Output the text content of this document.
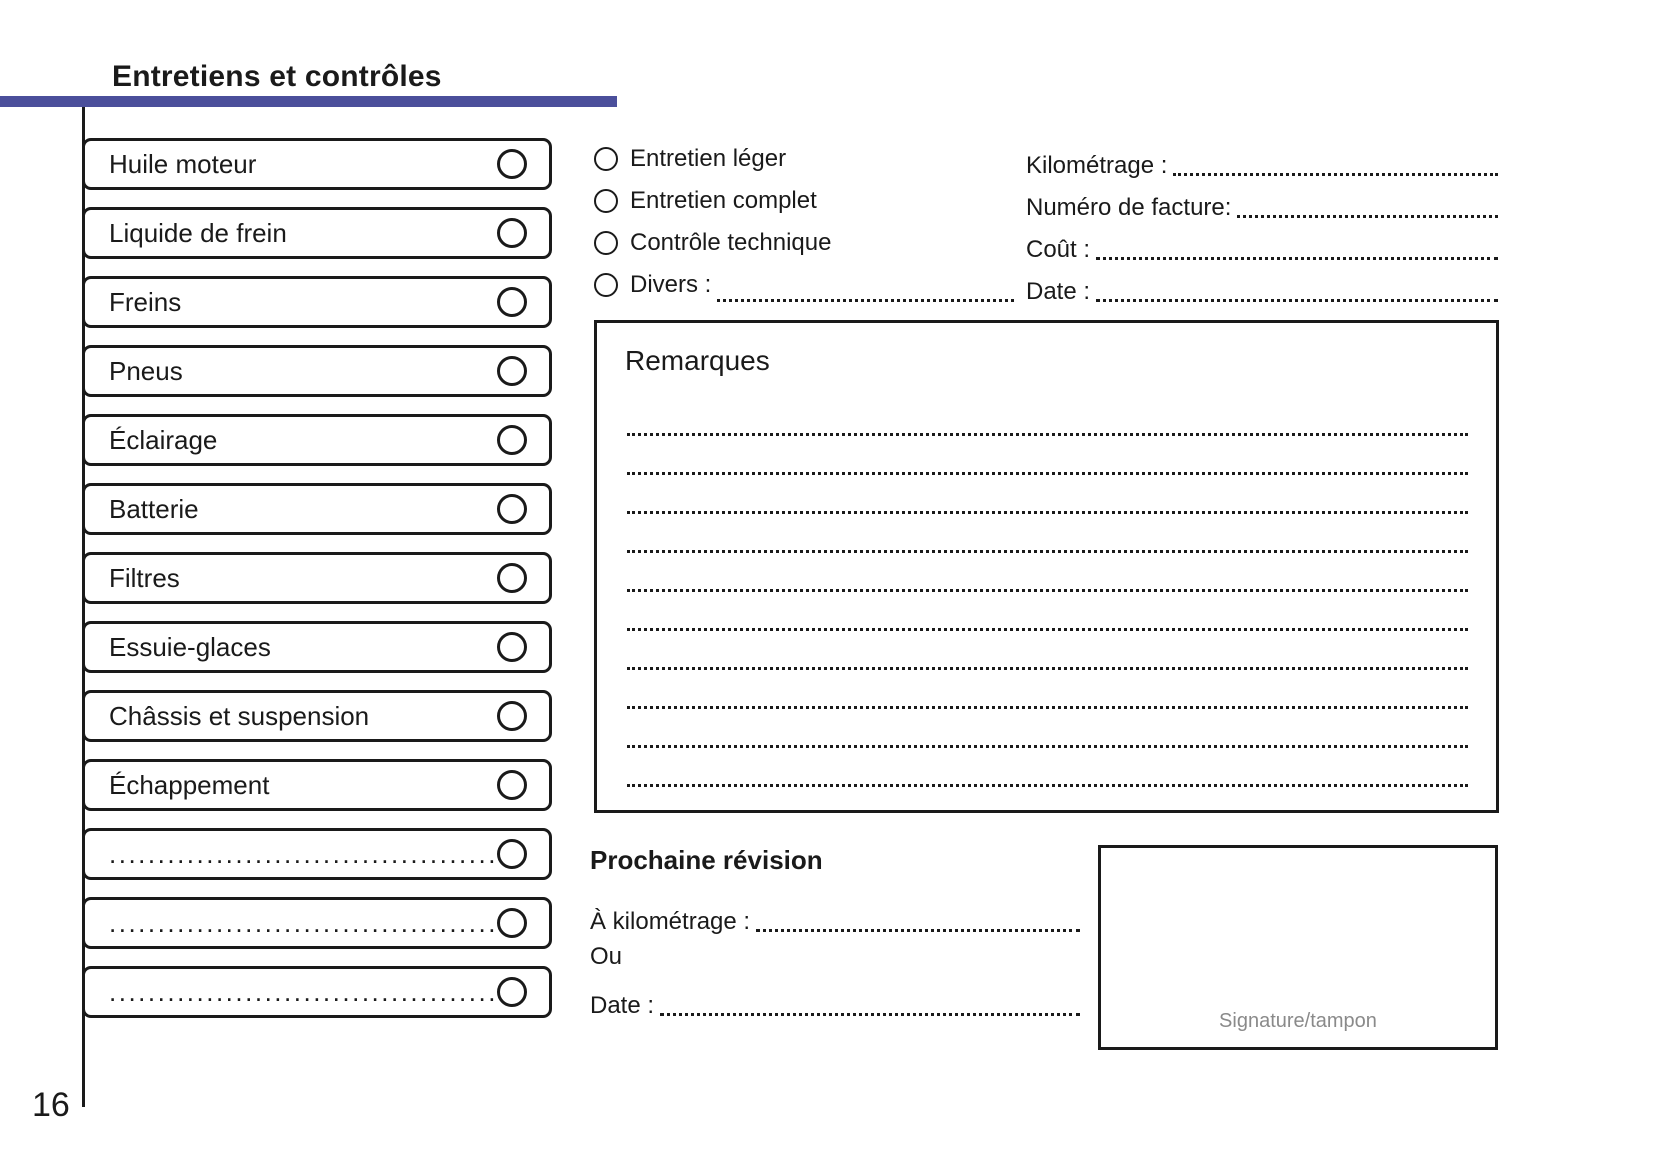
Entretiens et contrôles
Huile moteur
Liquide de frein
Freins
Pneus
Éclairage
Batterie
Filtres
Essuie-glaces
Châssis et suspension
Échappement
........................................
........................................
........................................
Entretien léger
Entretien complet
Contrôle technique
Divers :
Kilométrage :
Numéro de facture:
Coût :
Date :
Remarques
Prochaine révision
À kilométrage :
Ou
Date :
Signature/tampon
16
